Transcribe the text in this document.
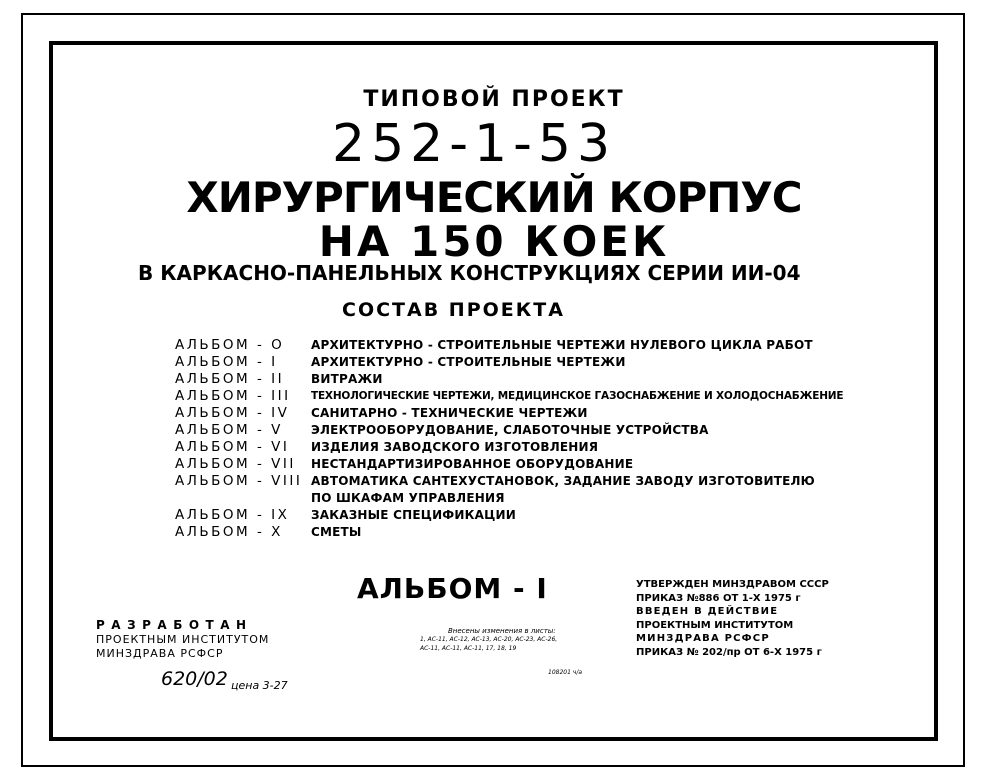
ТИПОВОЙ ПРОЕКТ
252-1-53
ХИРУРГИЧЕСКИЙ КОРПУС
НА 150 КОЕК
В КАРКАСНО-ПАНЕЛЬНЫХ КОНСТРУКЦИЯХ СЕРИИ ИИ-04
СОСТАВ ПРОЕКТА
АЛЬБОМ - О АРХИТЕКТУРНО - СТРОИТЕЛЬНЫЕ ЧЕРТЕЖИ НУЛЕВОГО ЦИКЛА РАБОТ
АЛЬБОМ - I	АРХИТЕКТУРНО - СТРОИТЕЛЬНЫЕ ЧЕРТЕЖИ
АЛЬБОМ - II ВИТРАЖИ
АЛЬБОМ - III ТЕХНОЛОГИЧЕСКИЕ ЧЕРТЕЖИ, МЕДИЦИНСКОЕ ГАЗОСНАБЖЕНИЕ И ХОЛОДОСНАБЖЕНИЕ
АЛЬБОМ - IV САНИТАРНО - ТЕХНИЧЕСКИЕ ЧЕРТЕЖИ
АЛЬБОМ - V ЭЛЕКТРООБОРУДОВАНИЕ, СЛАБОТОЧНЫЕ УСТРОЙСТВА
АЛЬБОМ - VI ИЗДЕЛИЯ ЗАВОДСКОГО ИЗГОТОВЛЕНИЯ
АЛЬБОМ - VII НЕСТАНДАРТИЗИРОВАННОЕ ОБОРУДОВАНИЕ
АЛЬБОМ - VIII АВТОМАТИКА САНТЕХУСТАНОВОК, ЗАДАНИЕ ЗАВОДУ ИЗГОТОВИТЕЛЮ
ПО ШКАФАМ УПРАВЛЕНИЯ
АЛЬБОМ - IX ЗАКАЗНЫЕ СПЕЦИФИКАЦИИ
АЛЬБОМ - X СМЕТЫ
АЛЬБОМ - I
РАЗРАБОТАН
ПРОЕКТНЫМ ИНСТИТУТОМ
МИНЗДРАВА РСФСР
620/02 цена 3-27
Внесены изменения в листы:
1, АС-11, АС-12, АС-13, АС-20, АС-23, АС-26,
АС-11, АС-11, АС-11, 17, 18, 19
108201 ч/а
УТВЕРЖДЕН МИНЗДРАВОМ СССР
ПРИКАЗ №886 ОТ 1-X 1975 г
ВВЕДЕН В ДЕЙСТВИЕ
ПРОЕКТНЫМ ИНСТИТУТОМ
МИНЗДРАВА РСФСР
ПРИКАЗ № 202/пр ОТ 6-X 1975 г
